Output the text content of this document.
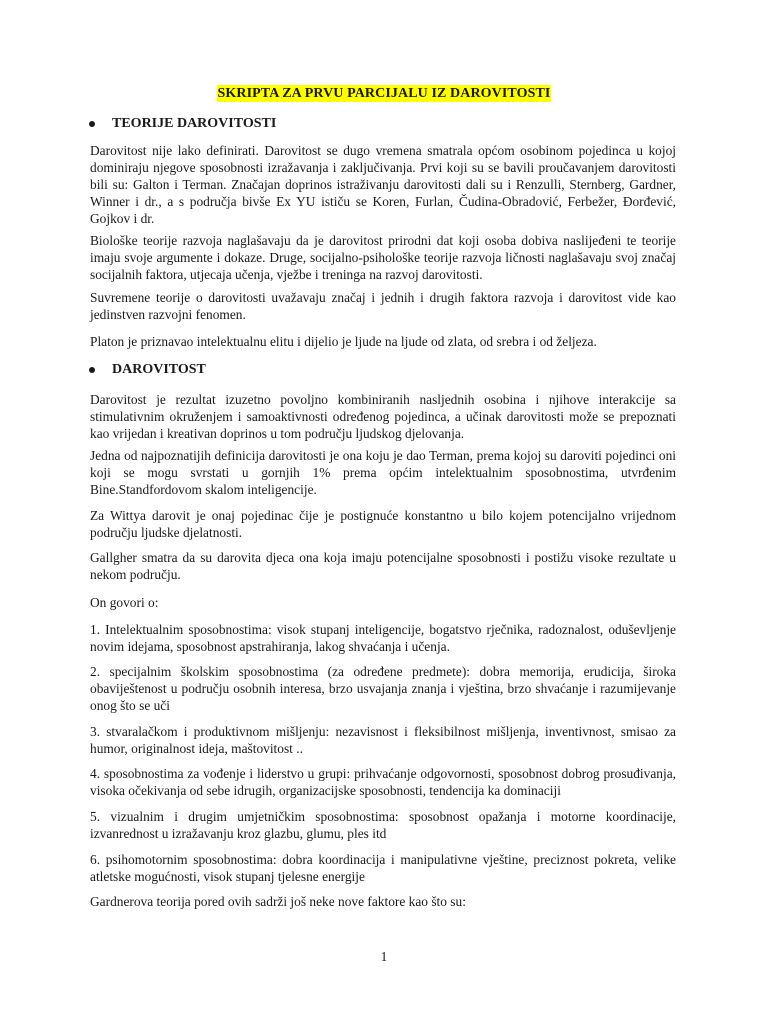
SKRIPTA ZA PRVU PARCIJALU IZ DAROVITOSTI
TEORIJE DAROVITOSTI

Darovitost nije lako definirati. Darovitost se dugo vremena smatrala općom osobinom pojedinca u kojoj dominiraju njegove sposobnosti izražavanja i zaključivanja. Prvi koji su se bavili proučavanjem darovitosti bili su: Galton i Terman. Značajan doprinos istraživanju darovitosti dali su i Renzulli, Sternberg, Gardner, Winner i dr., a s područja bivše Ex YU ističu se Koren, Furlan, Čudina-Obradović, Ferbežer, Đorđević, Gojkov i dr.

Biološke teorije razvoja naglašavaju da je darovitost prirodni dat koji osoba dobiva naslijeđeni te teorije imaju svoje argumente i dokaze. Druge, socijalno-psihološke teorije razvoja ličnosti naglašavaju svoj značaj socijalnih faktora, utjecaja učenja, vježbe i treninga na razvoj darovitosti.

Suvremene teorije o darovitosti uvažavaju značaj i jednih i drugih faktora razvoja i darovitost vide kao jedinstven razvojni fenomen.

Platon je priznavao intelektualnu elitu i dijelio je ljude na ljude od zlata, od srebra i od željeza.

DAROVITOST

Darovitost je rezultat izuzetno povoljno kombiniranih nasljednih osobina i njihove interakcije sa stimulativnim okruženjem i samoaktivnosti određenog pojedinca, a učinak darovitosti može se prepoznati kao vrijedan i kreativan doprinos u tom području ljudskog djelovanja.

Jedna od najpoznatijih definicija darovitosti je ona koju je dao Terman, prema kojoj su daroviti pojedinci oni koji se mogu svrstati u gornjih 1% prema općim intelektualnim sposobnostima, utvrđenim Bine.Standfordovom skalom inteligencije.

Za Wittya darovit je onaj pojedinac čije je postignuće konstantno u bilo kojem potencijalno vrijednom području ljudske djelatnosti.

Gallgher smatra da su darovita djeca ona koja imaju potencijalne sposobnosti i postižu visoke rezultate u nekom području.

On govori o:

1. Intelektualnim sposobnostima: visok stupanj inteligencije, bogatstvo rječnika, radoznalost, oduševljenje novim idejama, sposobnost apstrahiranja, lakog shvaćanja i učenja.

2. specijalnim školskim sposobnostima (za određene predmete): dobra memorija, erudicija, široka obaviještenost u području osobnih interesa, brzo usvajanja znanja i vještina, brzo shvaćanje i razumijevanje onog što se uči

3. stvaralačkom i produktivnom mišljenju: nezavisnost i fleksibilnost mišljenja, inventivnost, smisao za humor, originalnost ideja, maštovitost ..

4. sposobnostima za vođenje i liderstvo u grupi: prihvaćanje odgovornosti, sposobnost dobrog prosuđivanja, visoka očekivanja od sebe idrugih, organizacijske sposobnosti, tendencija ka dominaciji

5. vizualnim i drugim umjetničkim sposobnostima: sposobnost opažanja i motorne koordinacije, izvanrednost u izražavanju kroz glazbu, glumu, ples itd

6. psihomotornim sposobnostima: dobra koordinacija i manipulativne vještine, preciznost pokreta, velike atletske mogućnosti, visok stupanj tjelesne energije

Gardnerova teorija pored ovih sadrži još neke nove faktore kao što su:

1
